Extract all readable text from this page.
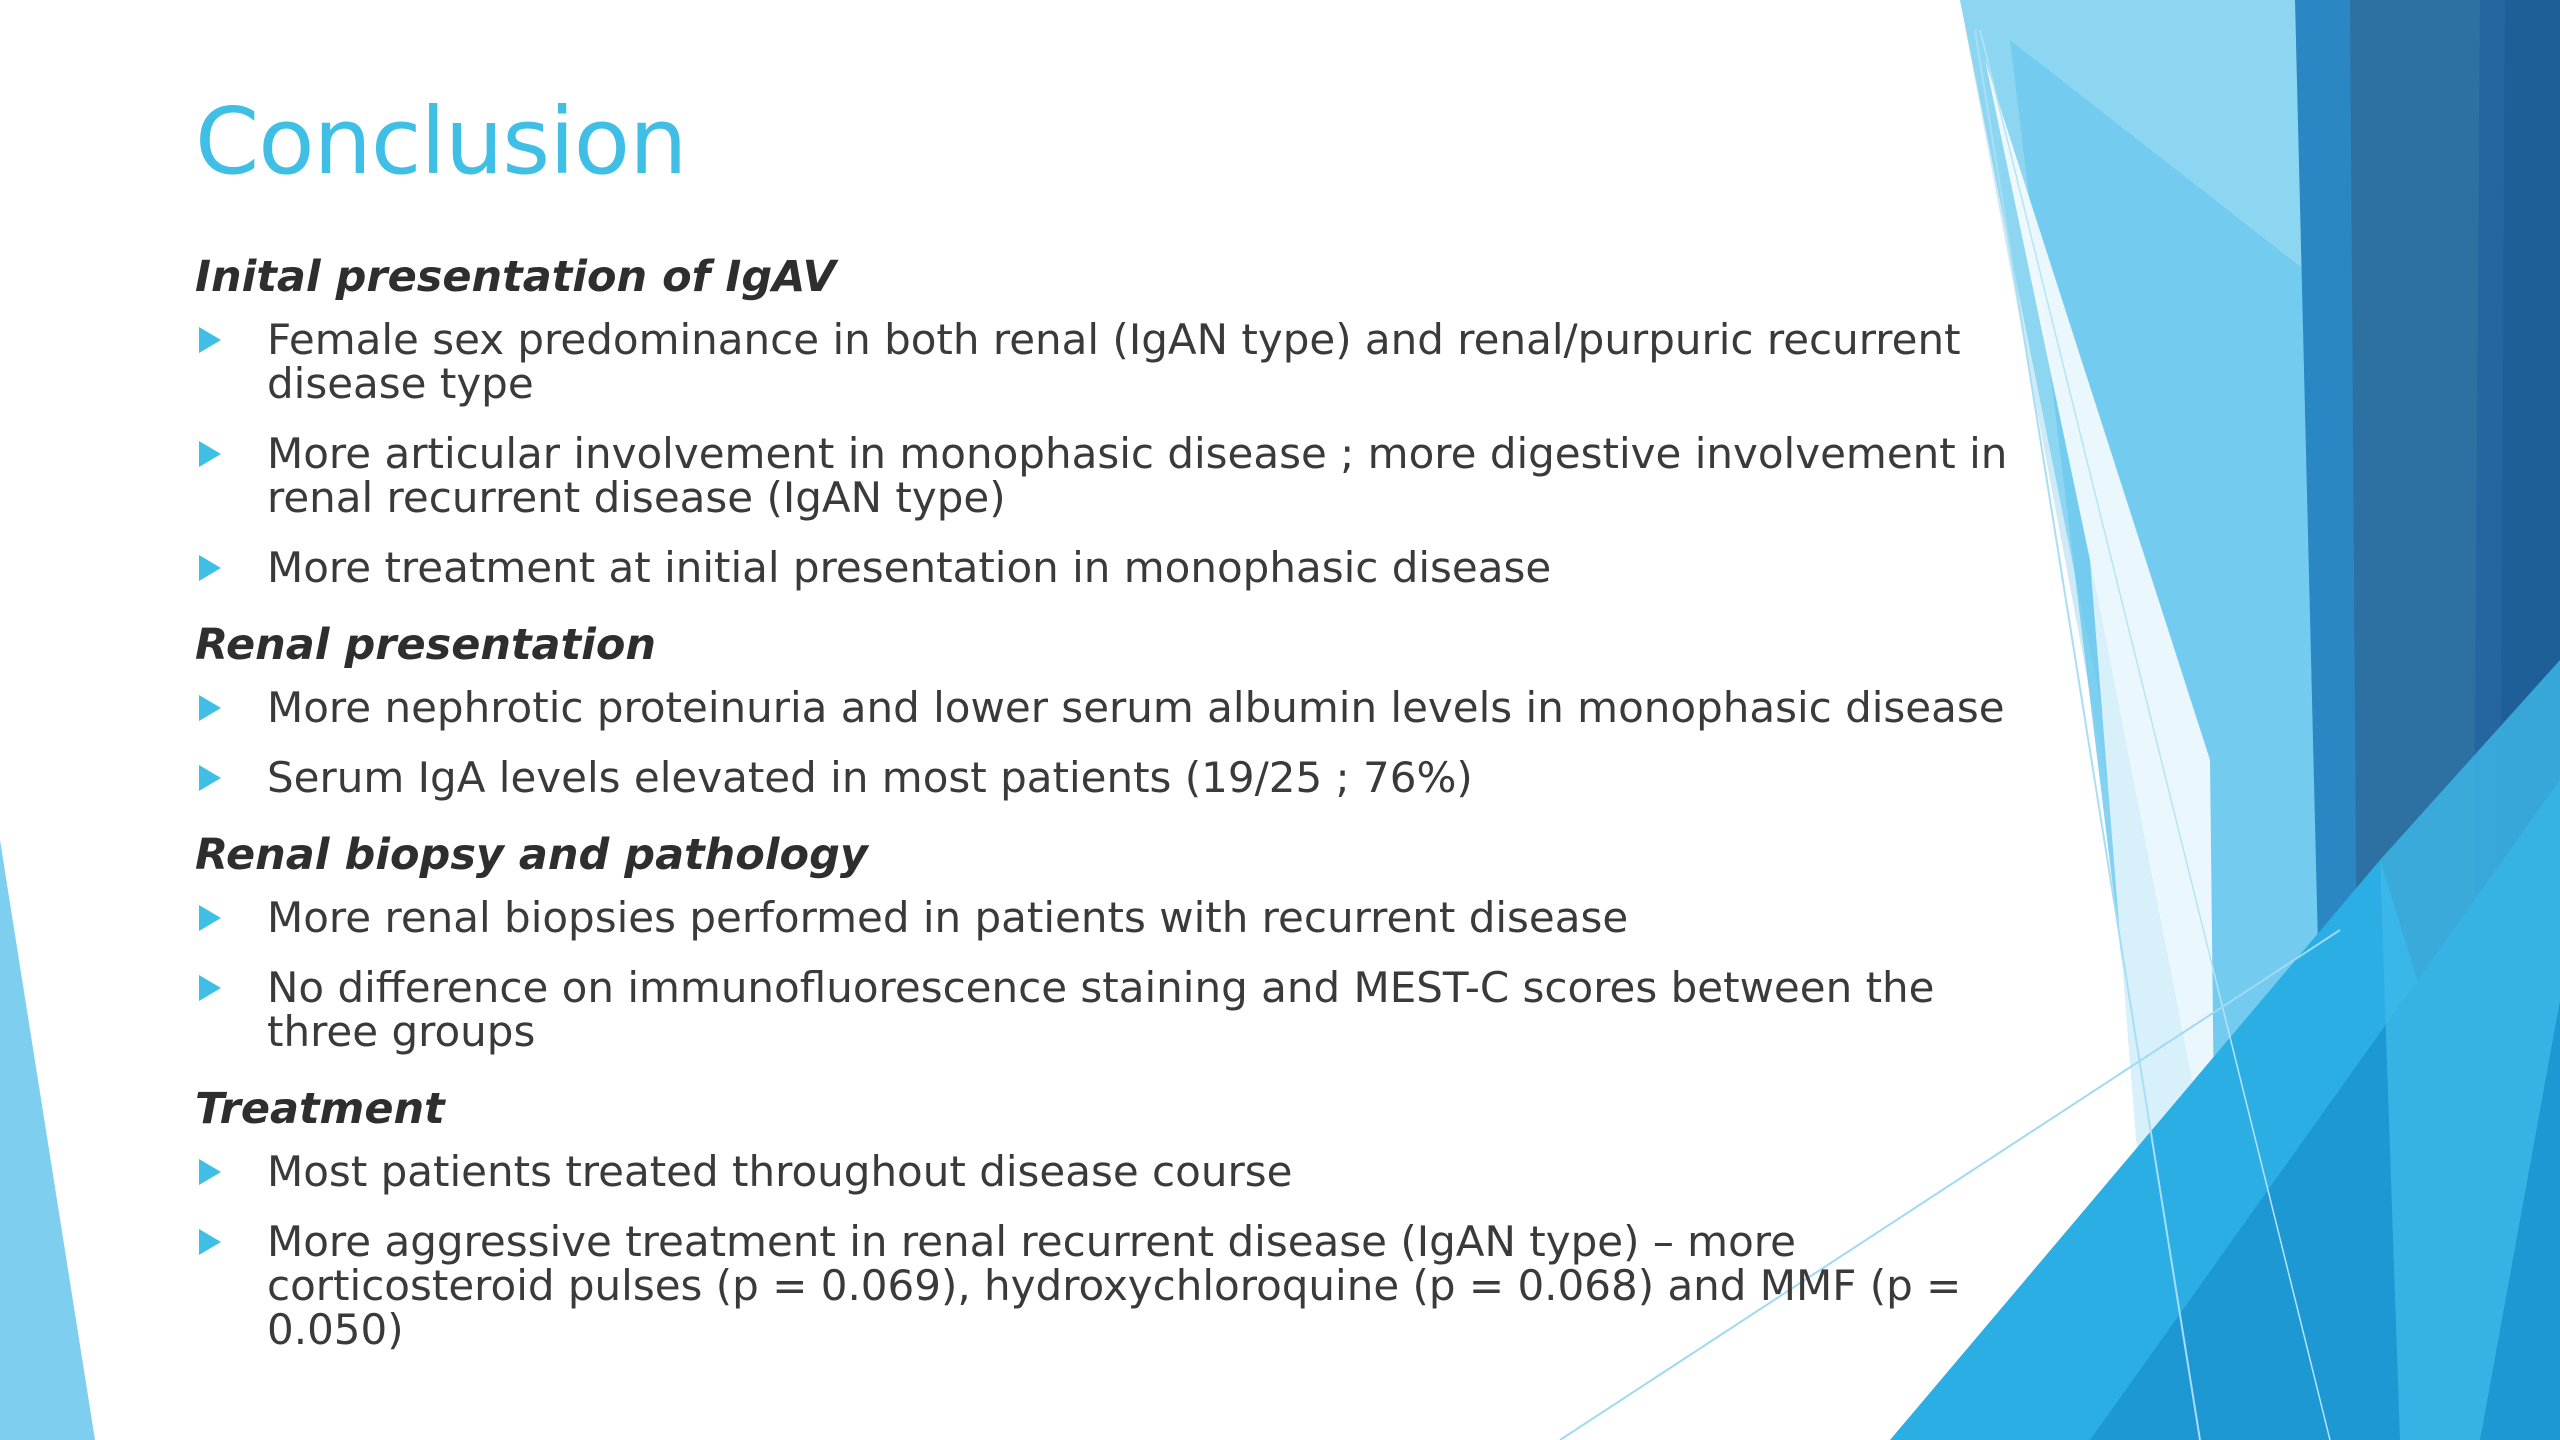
Conclusion
Inital presentation of IgAV
Female sex predominance in both renal (IgAN type) and renal/purpuric recurrent disease type
More articular involvement in monophasic disease ; more digestive involvement in renal recurrent disease (IgAN type)
More treatment at initial presentation in monophasic disease
Renal presentation
More nephrotic proteinuria and lower serum albumin levels in monophasic disease
Serum IgA levels elevated in most patients (19/25 ; 76%)
Renal biopsy and pathology
More renal biopsies performed in patients with recurrent disease
No difference on immunofluorescence staining and MEST-C scores between the three groups
Treatment
Most patients treated throughout disease course
More aggressive treatment in renal recurrent disease (IgAN type) – more corticosteroid pulses (p = 0.069), hydroxychloroquine (p = 0.068) and MMF (p = 0.050)
